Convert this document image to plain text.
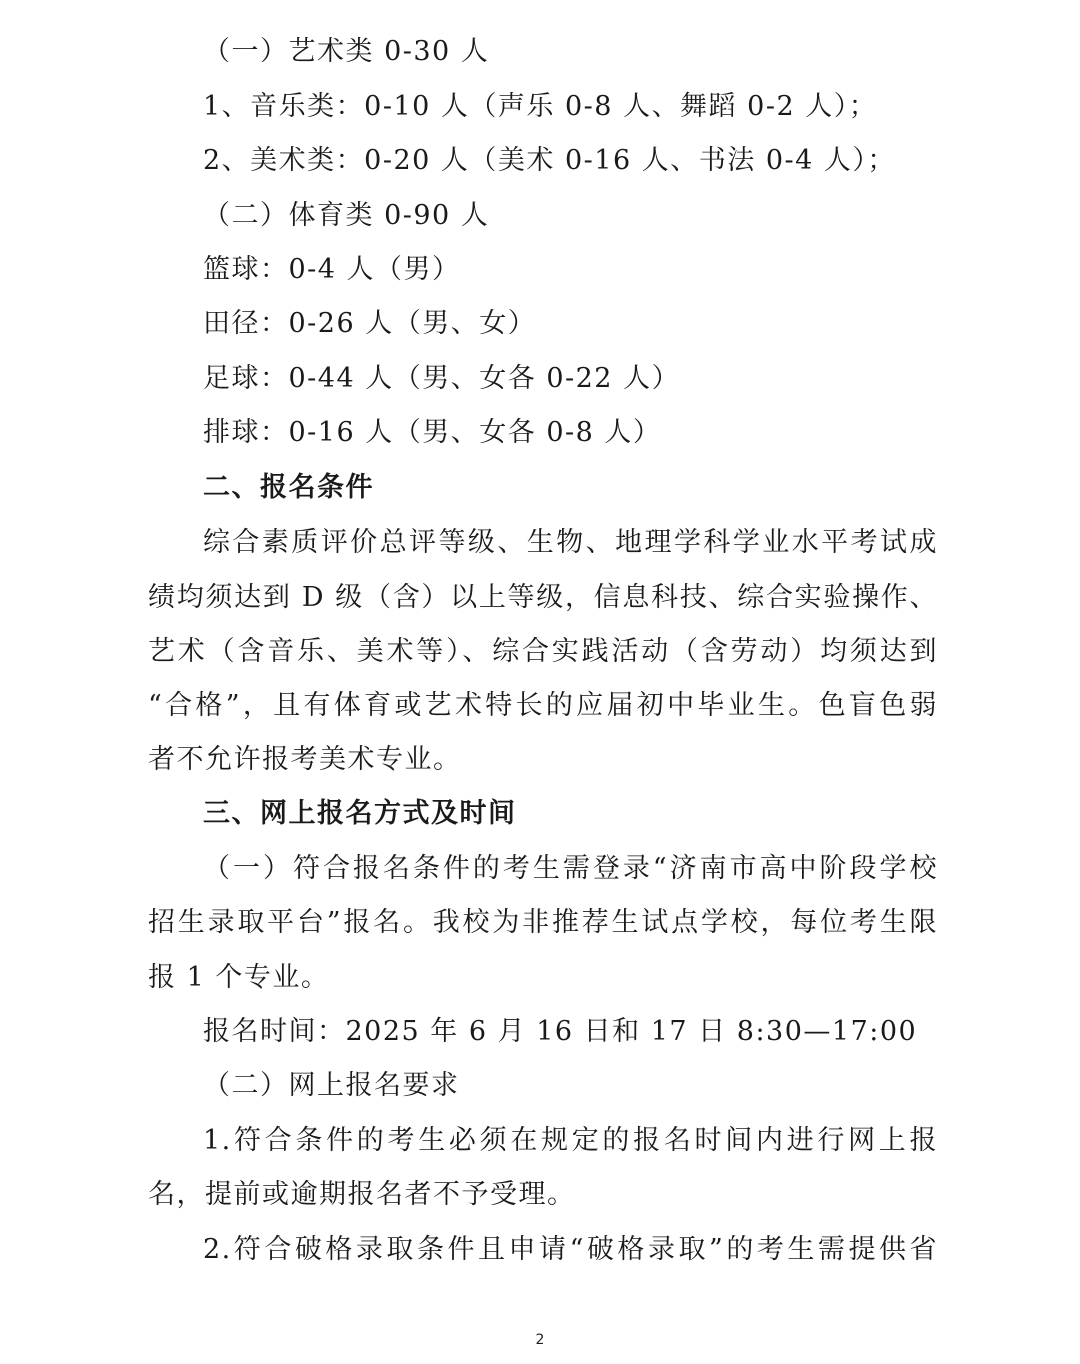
（一）艺术类 0-30 人
1、音乐类：0-10 人（声乐 0-8 人、舞蹈 0-2 人）；
2、美术类：0-20 人（美术 0-16 人、书法 0-4 人）；
（二）体育类 0-90 人
篮球：0-4 人（男）
田径：0-26 人（男、女）
足球：0-44 人（男、女各 0-22 人）
排球：0-16 人（男、女各 0-8 人）
二、报名条件
综合素质评价总评等级、生物、地理学科学业水平考试成
绩均须达到 D 级（含）以上等级，信息科技、综合实验操作、
艺术（含音乐、美术等）、综合实践活动（含劳动）均须达到
“合格”，且有体育或艺术特长的应届初中毕业生。色盲色弱
者不允许报考美术专业。
三、网上报名方式及时间
（一）符合报名条件的考生需登录“济南市高中阶段学校
招生录取平台”报名。我校为非推荐生试点学校，每位考生限
报 1 个专业。
报名时间：2025 年 6 月 16 日和 17 日 8:30—17:00
（二）网上报名要求
1.符合条件的考生必须在规定的报名时间内进行网上报
名，提前或逾期报名者不予受理。
2.符合破格录取条件且申请“破格录取”的考生需提供省
2
